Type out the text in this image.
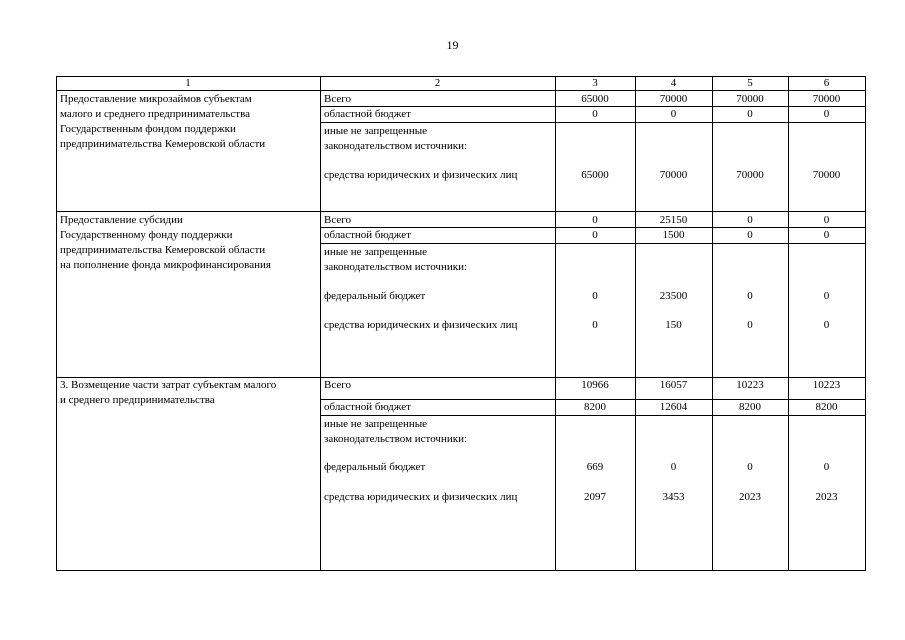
19
1	2	3	4	5	6
Предоставление микрозаймов субъектам
малого и среднего предпринимательства
Государственным фондом поддержки
предпринимательства Кемеровской области
Всего	65000	70000	70000	70000
областной бюджет	0	0	0	0
иные не запрещенные
законодательством источники:
средства юридических и физических лиц	65000	70000	70000	70000
Предоставление субсидии
Государственному фонду поддержки
предпринимательства Кемеровской области
на пополнение фонда микрофинансирования
Всего	0	25150	0	0
областной бюджет	0	1500	0	0
иные не запрещенные
законодательством источники:
федеральный бюджет	0	23500	0	0
средства юридических и физических лиц	0	150	0	0
3. Возмещение части затрат субъектам малого
и среднего предпринимательства
Всего	10966	16057	10223	10223
областной бюджет	8200	12604	8200	8200
иные не запрещенные
законодательством источники:
федеральный бюджет	669	0	0	0
средства юридических и физических лиц	2097	3453	2023	2023
